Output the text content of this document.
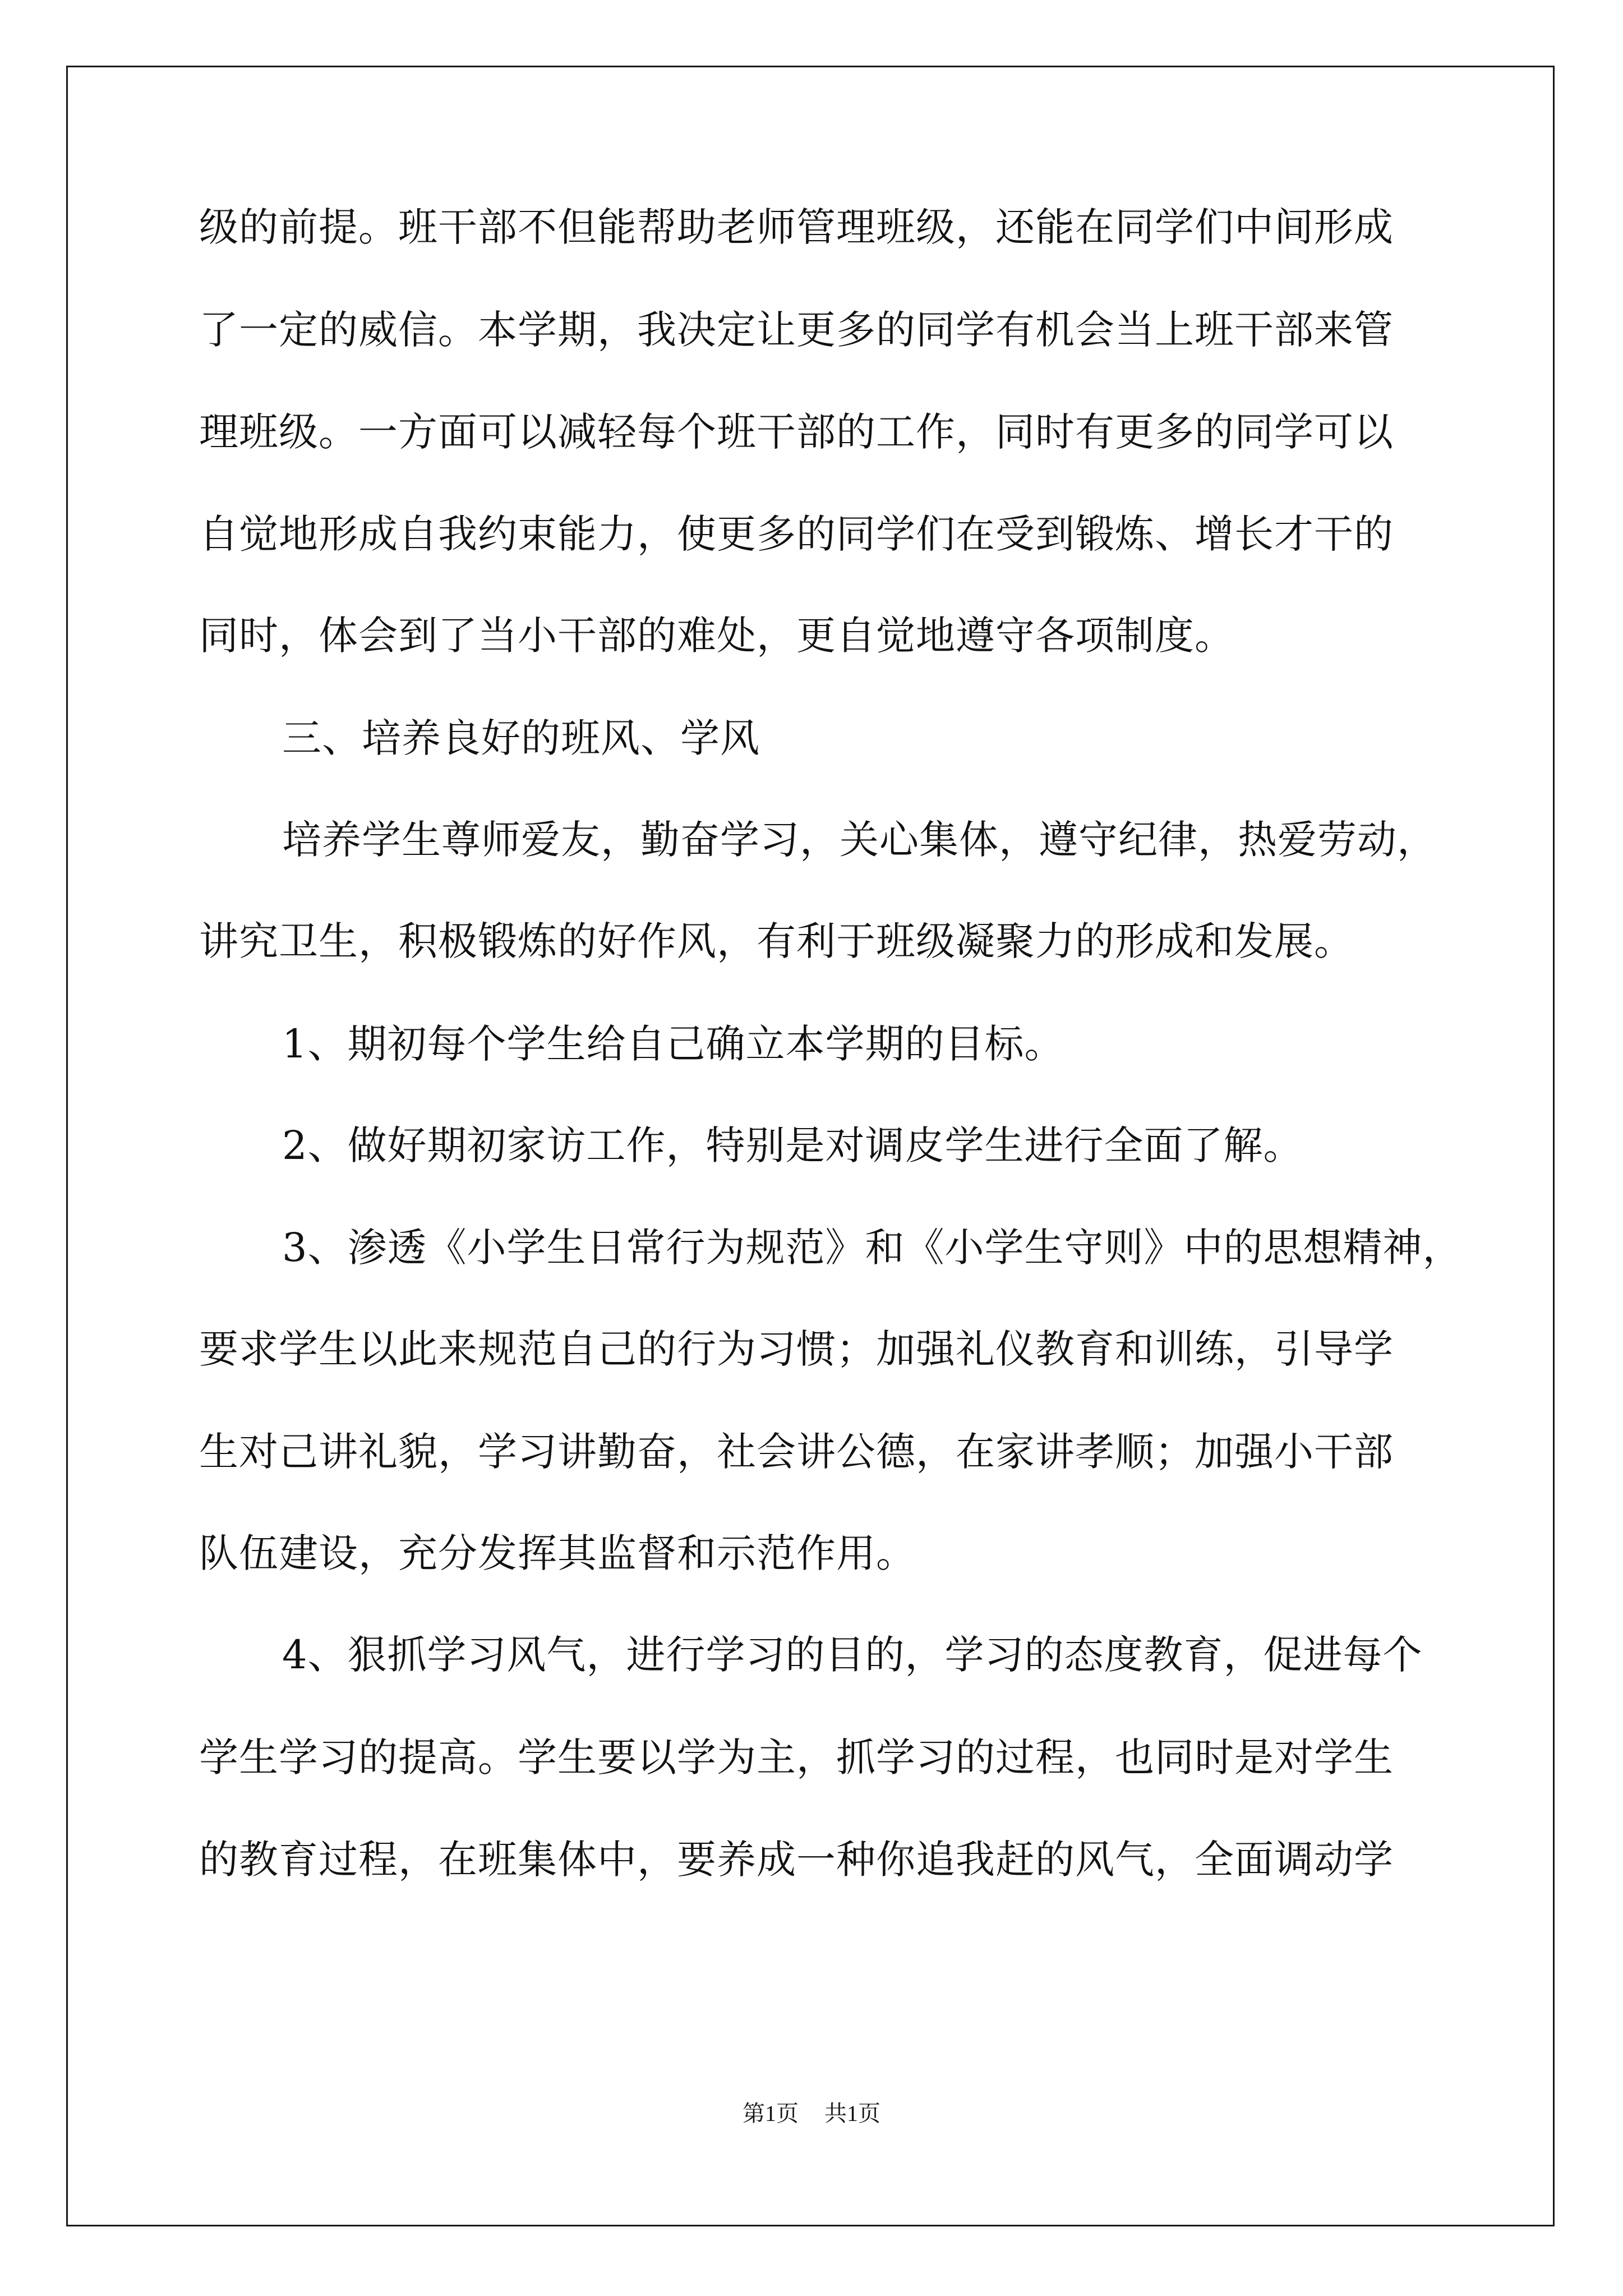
级的前提。班干部不但能帮助老师管理班级，还能在同学们中间形成

了一定的威信。本学期，我决定让更多的同学有机会当上班干部来管

理班级。一方面可以减轻每个班干部的工作，同时有更多的同学可以

自觉地形成自我约束能力，使更多的同学们在受到锻炼、增长才干的

同时，体会到了当小干部的难处，更自觉地遵守各项制度。

三、培养良好的班风、学风

培养学生尊师爱友，勤奋学习，关心集体，遵守纪律，热爱劳动，

讲究卫生，积极锻炼的好作风，有利于班级凝聚力的形成和发展。

1、期初每个学生给自己确立本学期的目标。

2、做好期初家访工作，特别是对调皮学生进行全面了解。

3、渗透《小学生日常行为规范》和《小学生守则》中的思想精神，

要求学生以此来规范自己的行为习惯；加强礼仪教育和训练，引导学

生对己讲礼貌，学习讲勤奋，社会讲公德，在家讲孝顺；加强小干部

队伍建设，充分发挥其监督和示范作用。

4、狠抓学习风气，进行学习的目的，学习的态度教育，促进每个

学生学习的提高。学生要以学为主，抓学习的过程，也同时是对学生

的教育过程，在班集体中，要养成一种你追我赶的风气，全面调动学

第1页 共1页
